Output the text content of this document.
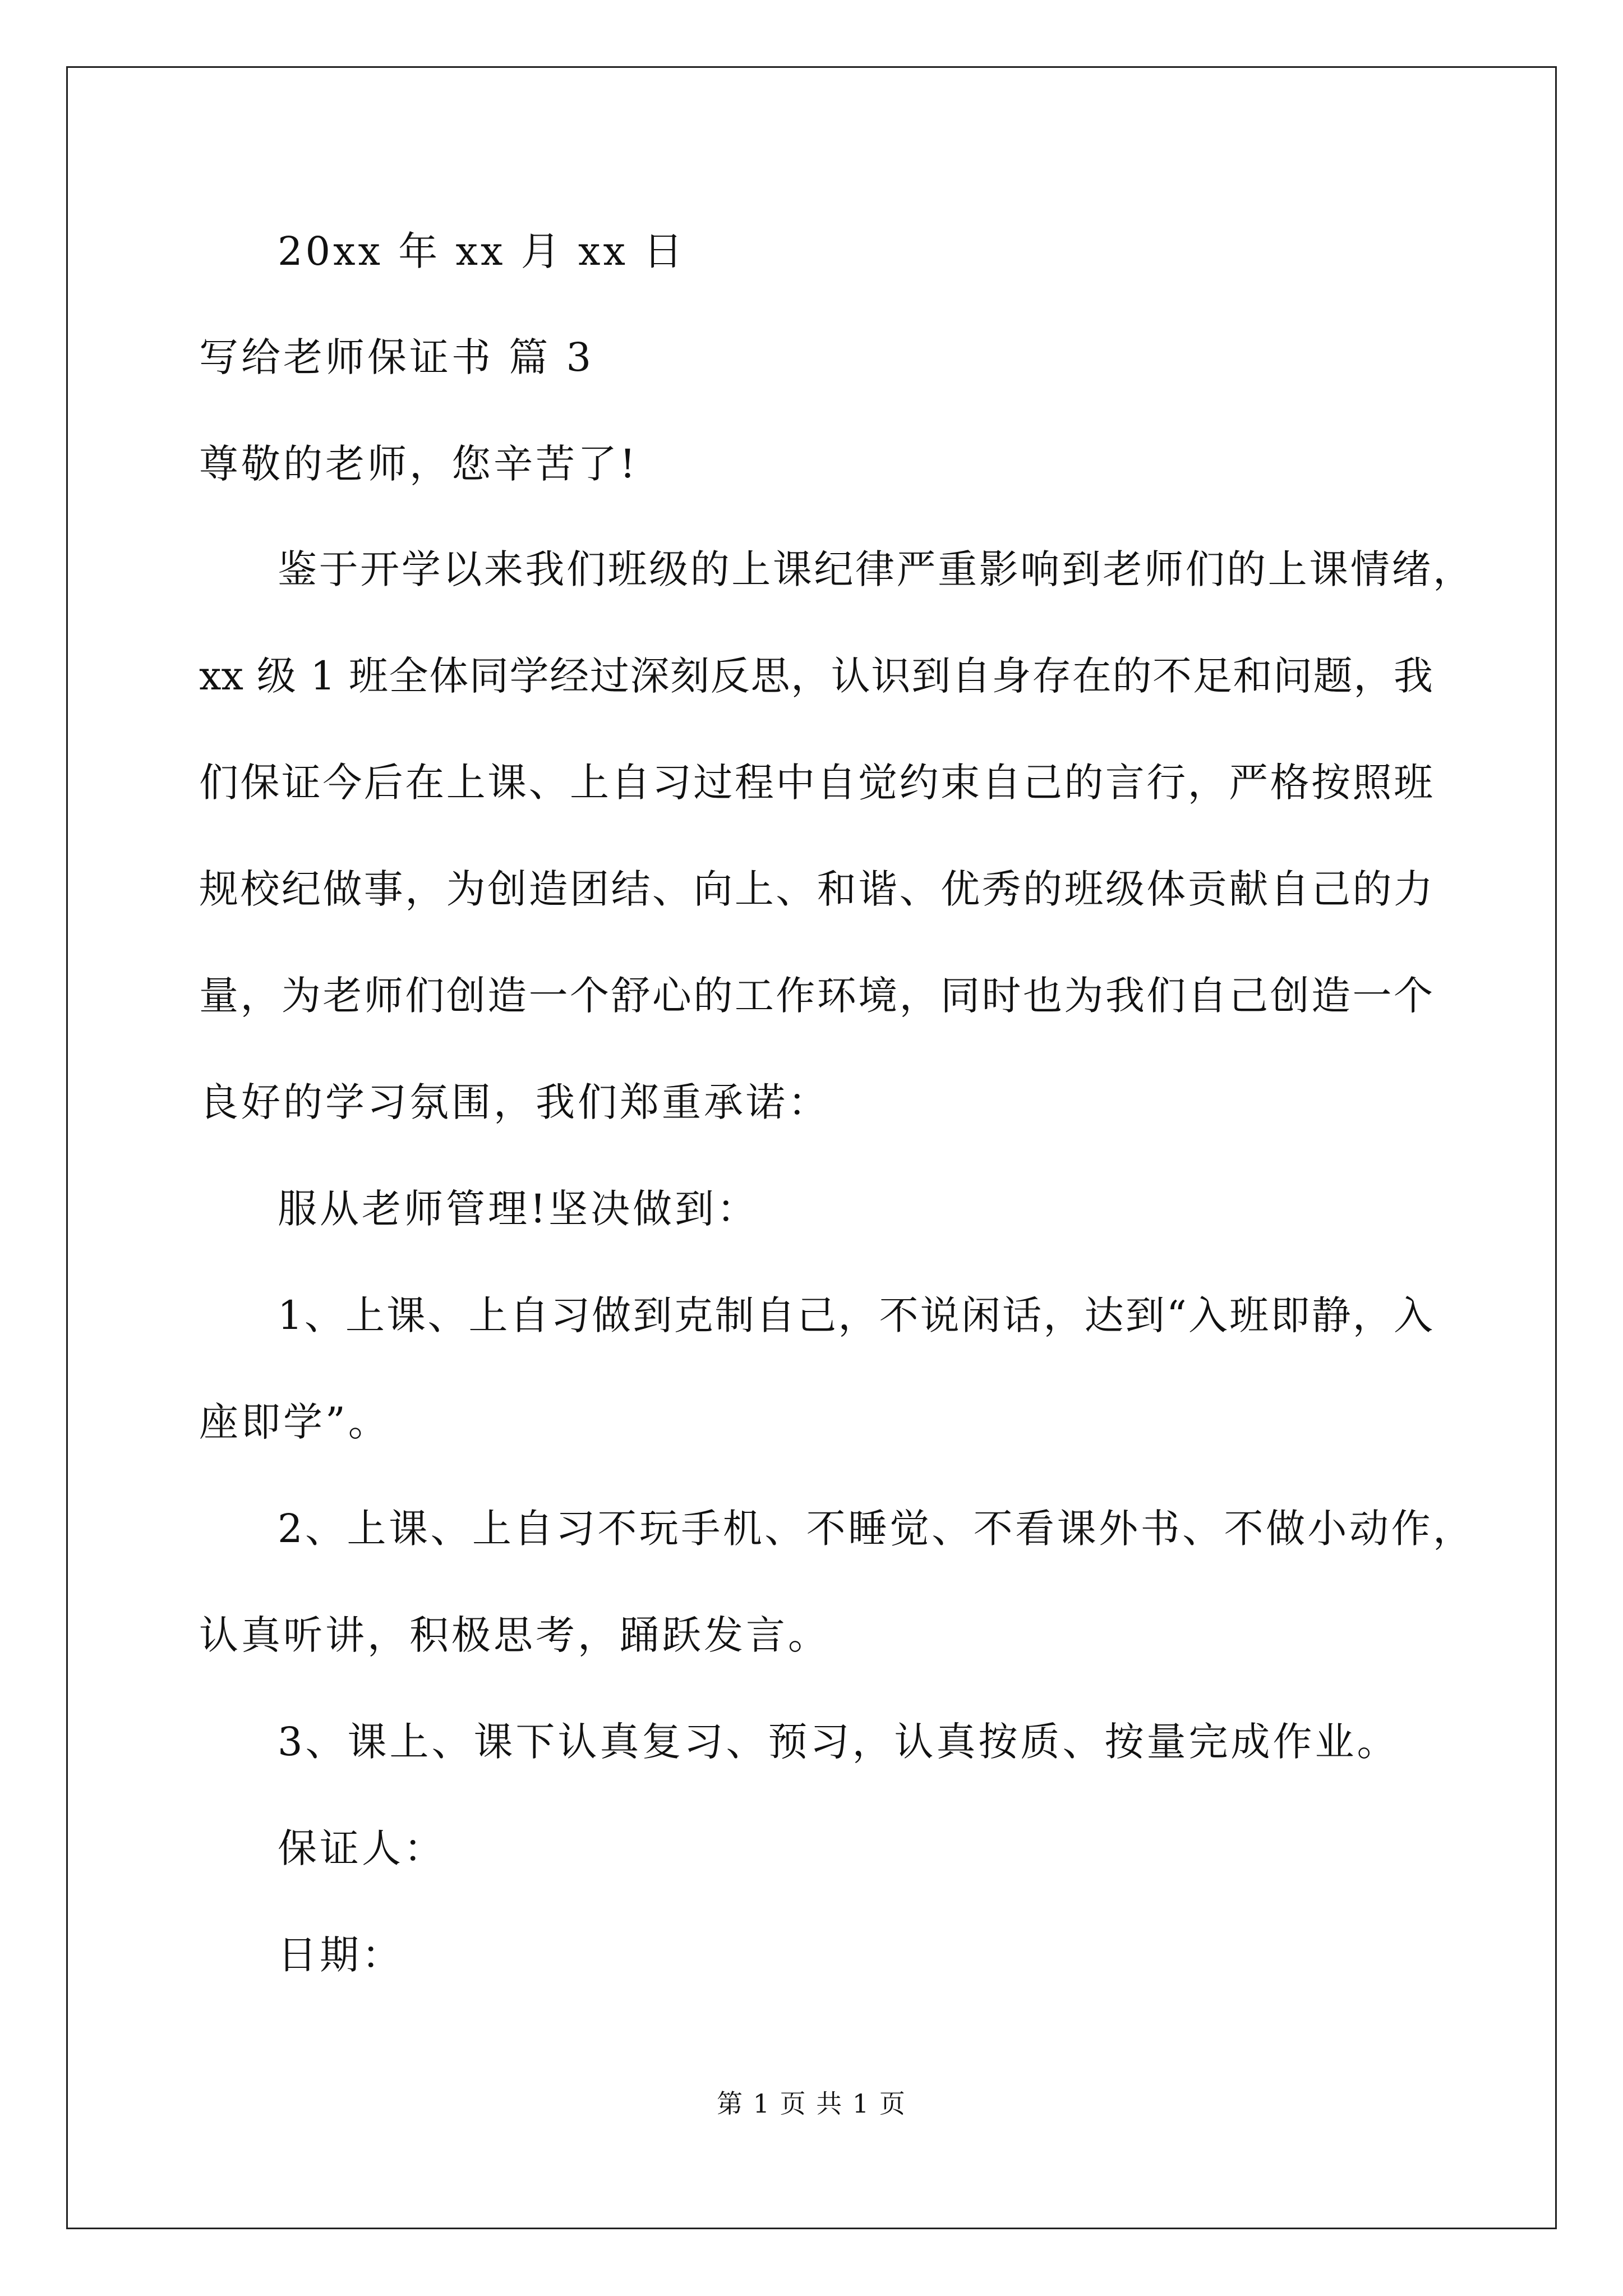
20xx 年 xx 月 xx 日
写给老师保证书 篇 3
尊敬的老师，您辛苦了!
鉴于开学以来我们班级的上课纪律严重影响到老师们的上课情绪，
xx 级 1 班全体同学经过深刻反思，认识到自身存在的不足和问题，我
们保证今后在上课、上自习过程中自觉约束自己的言行，严格按照班
规校纪做事，为创造团结、向上、和谐、优秀的班级体贡献自己的力
量，为老师们创造一个舒心的工作环境，同时也为我们自己创造一个
良好的学习氛围，我们郑重承诺：
服从老师管理!坚决做到：
1、上课、上自习做到克制自己，不说闲话，达到“入班即静，入
座即学”。
2、上课、上自习不玩手机、不睡觉、不看课外书、不做小动作，
认真听讲，积极思考，踊跃发言。
3、课上、课下认真复习、预习，认真按质、按量完成作业。
保证人：
日期：
第 1 页 共 1 页
